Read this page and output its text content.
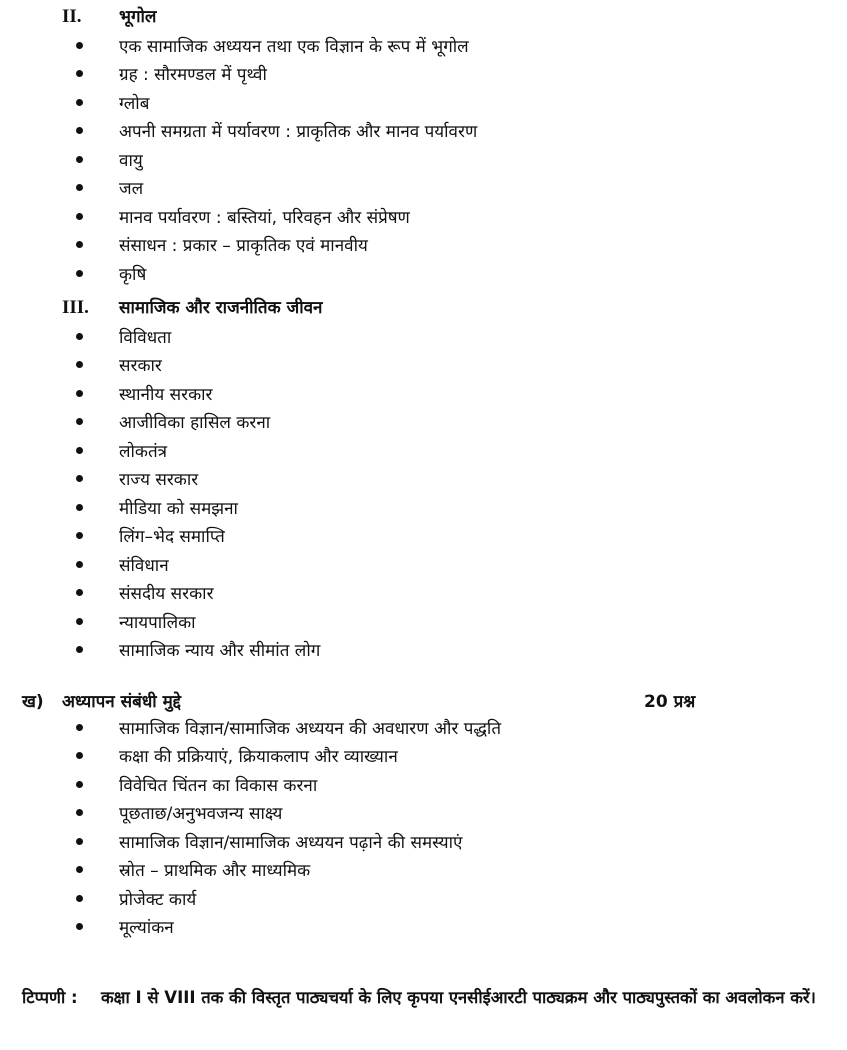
II.	भूगोल
एक सामाजिक अध्ययन तथा एक विज्ञान के रूप में भूगोल
ग्रह : सौरमण्डल में पृथ्वी
ग्लोब
अपनी समग्रता में पर्यावरण : प्राकृतिक और मानव पर्यावरण
वायु
जल
मानव पर्यावरण : बस्तियां, परिवहन और संप्रेषण
संसाधन : प्रकार – प्राकृतिक एवं मानवीय
कृषि
III.	सामाजिक और राजनीतिक जीवन
विविधता
सरकार
स्थानीय सरकार
आजीविका हासिल करना
लोकतंत्र
राज्य सरकार
मीडिया को समझना
लिंग–भेद समाप्ति
संविधान
संसदीय सरकार
न्यायपालिका
सामाजिक न्याय और सीमांत लोग
ख) अध्यापन संबंधी मुद्दे	20 प्रश्न
सामाजिक विज्ञान/सामाजिक अध्ययन की अवधारण और पद्धति
कक्षा की प्रक्रियाएं, क्रियाकलाप और व्याख्यान
विवेचित चिंतन का विकास करना
पूछताछ/अनुभवजन्य साक्ष्य
सामाजिक विज्ञान/सामाजिक अध्ययन पढ़ाने की समस्याएं
स्रोत – प्राथमिक और माध्यमिक
प्रोजेक्ट कार्य
मूल्यांकन
टिप्पणी : कक्षा I से VIII तक की विस्तृत पाठ्यचर्या के लिए कृपया एनसीईआरटी पाठ्यक्रम और पाठ्यपुस्तकों का अवलोकन करें।
